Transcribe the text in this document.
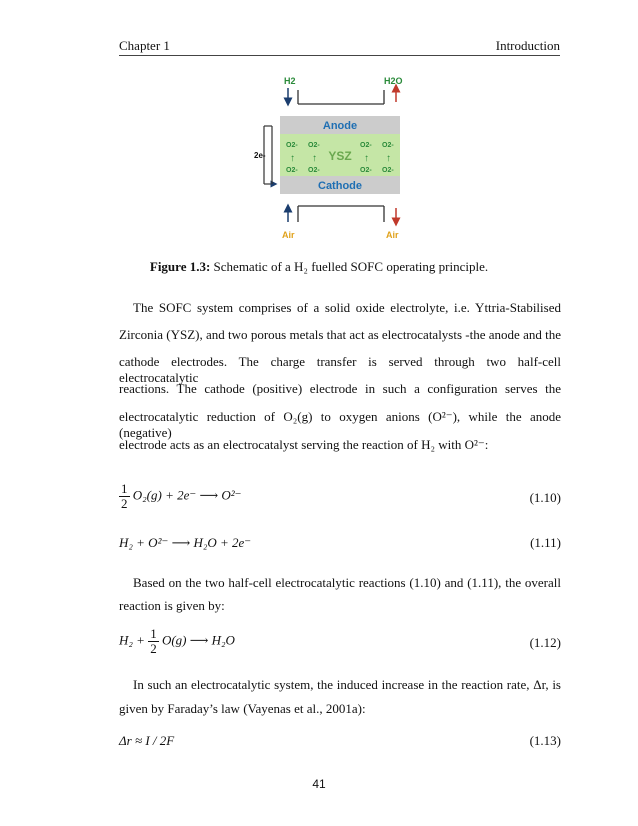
Chapter 1	Introduction
H2	H2O
Anode
O2- O2-	O2- O2-
O2- O2-	O2- O2-
↑ ↑	↑ ↑
YSZ
Cathode
2e-
Air	Air
Figure 1.3: Schematic of a H₂ fuelled SOFC operating principle.
The SOFC system comprises of a solid oxide electrolyte, i.e. Yttria-Stabilised
Zirconia (YSZ), and two porous metals that act as electrocatalysts -the anode and the
cathode electrodes. The charge transfer is served through two half-cell electrocatalytic
reactions. The cathode (positive) electrode in such a configuration serves the
electrocatalytic reduction of O₂(g) to oxygen anions (O²⁻), while the anode (negative)
electrode acts as an electrocatalyst serving the reaction of H₂ with O²⁻:
$\frac{1}{2} O_2(g) + 2e^-$ ⟶ O²⁻	(1.10)
H₂ + O²⁻ ⟶ H₂O + 2e⁻	(1.11)
Based on the two half-cell electrocatalytic reactions (1.10) and (1.11), the overall
reaction is given by:
$H_2 + \frac{1}{2} O(g)$ ⟶ H₂O	(1.12)
In such an electrocatalytic system, the induced increase in the reaction rate, Δr, is
given by Faraday’s law (Vayenas et al., 2001a):
Δr ≈ I / 2F	(1.13)
41
